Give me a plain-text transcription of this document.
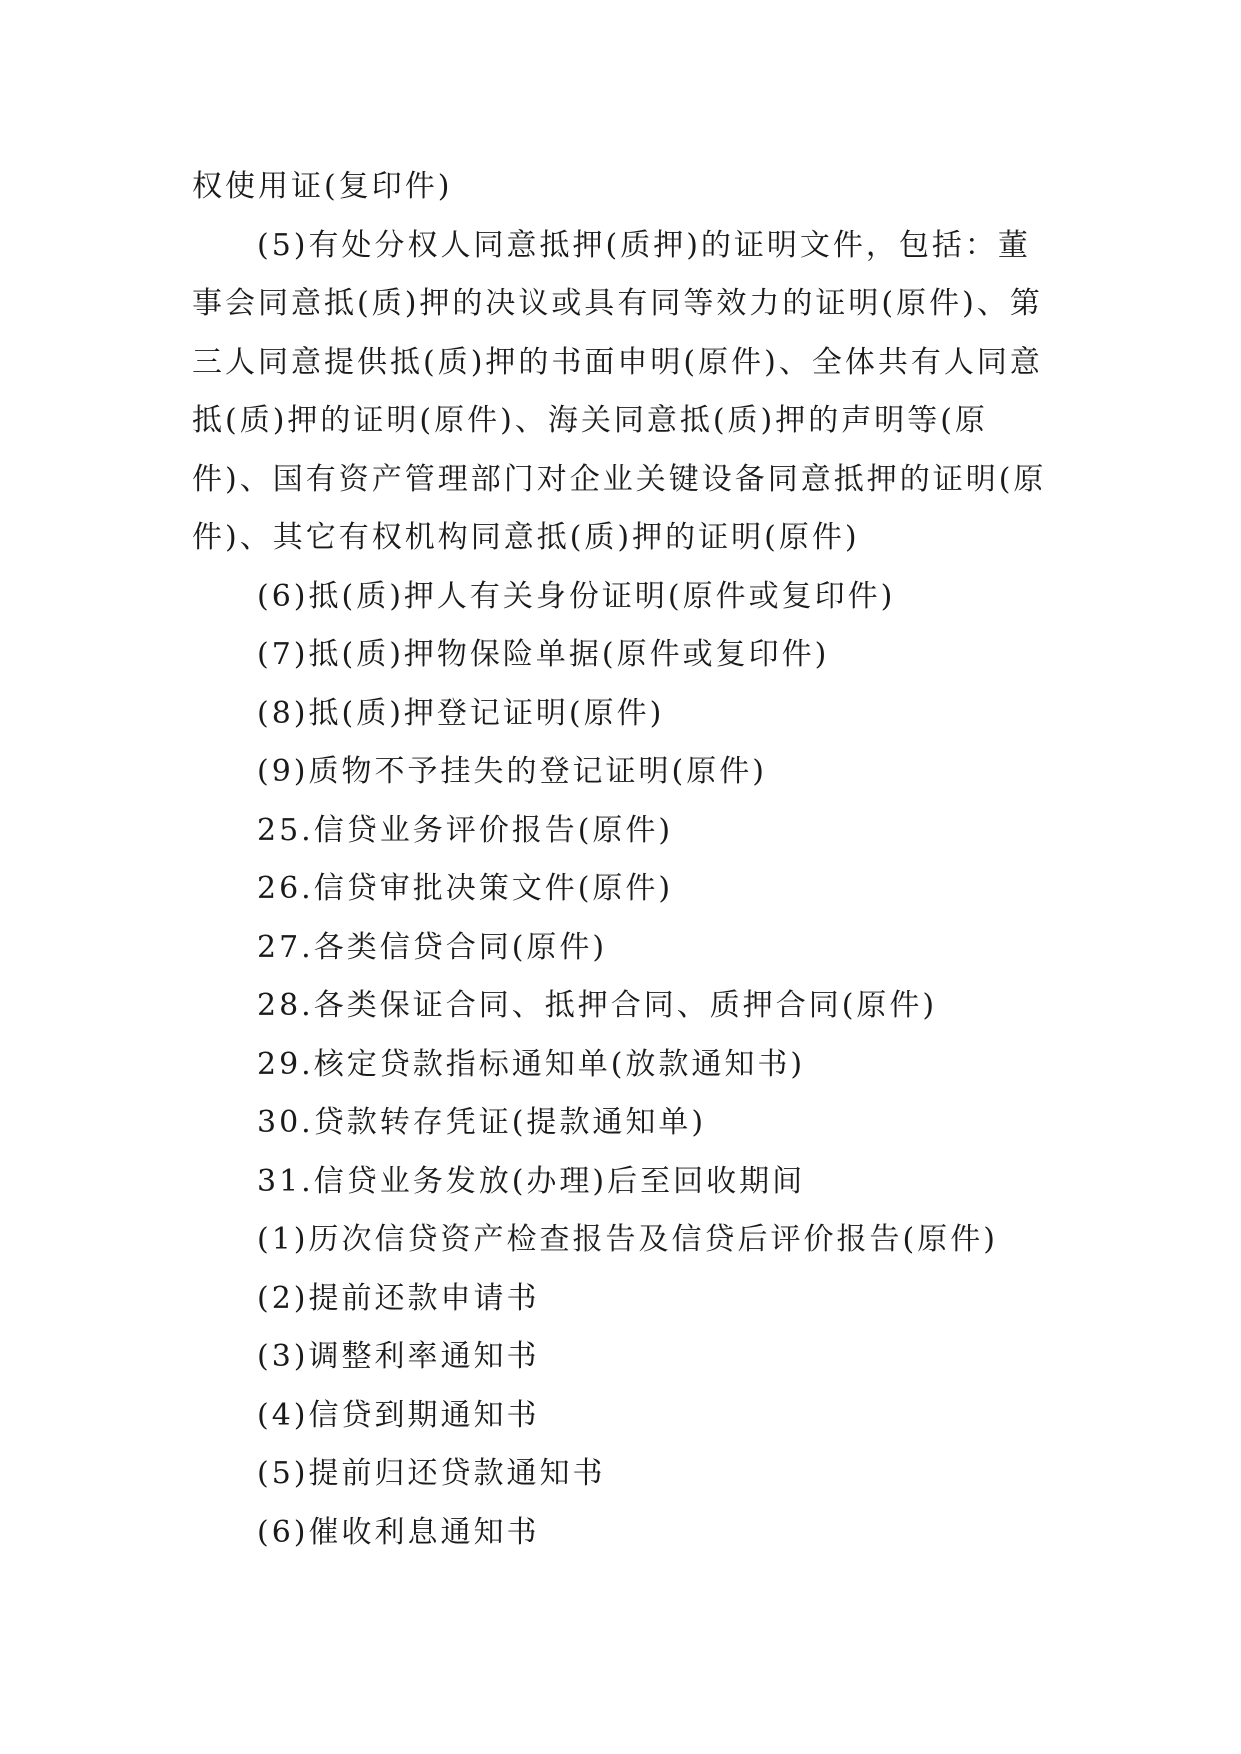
权使用证(复印件)
(5)有处分权人同意抵押(质押)的证明文件，包括：董
事会同意抵(质)押的决议或具有同等效力的证明(原件)、第
三人同意提供抵(质)押的书面申明(原件)、全体共有人同意
抵(质)押的证明(原件)、海关同意抵(质)押的声明等(原
件)、国有资产管理部门对企业关键设备同意抵押的证明(原
件)、其它有权机构同意抵(质)押的证明(原件)
(6)抵(质)押人有关身份证明(原件或复印件)
(7)抵(质)押物保险单据(原件或复印件)
(8)抵(质)押登记证明(原件)
(9)质物不予挂失的登记证明(原件)
25.信贷业务评价报告(原件)
26.信贷审批决策文件(原件)
27.各类信贷合同(原件)
28.各类保证合同、抵押合同、质押合同(原件)
29.核定贷款指标通知单(放款通知书)
30.贷款转存凭证(提款通知单)
31.信贷业务发放(办理)后至回收期间
(1)历次信贷资产检查报告及信贷后评价报告(原件)
(2)提前还款申请书
(3)调整利率通知书
(4)信贷到期通知书
(5)提前归还贷款通知书
(6)催收利息通知书
